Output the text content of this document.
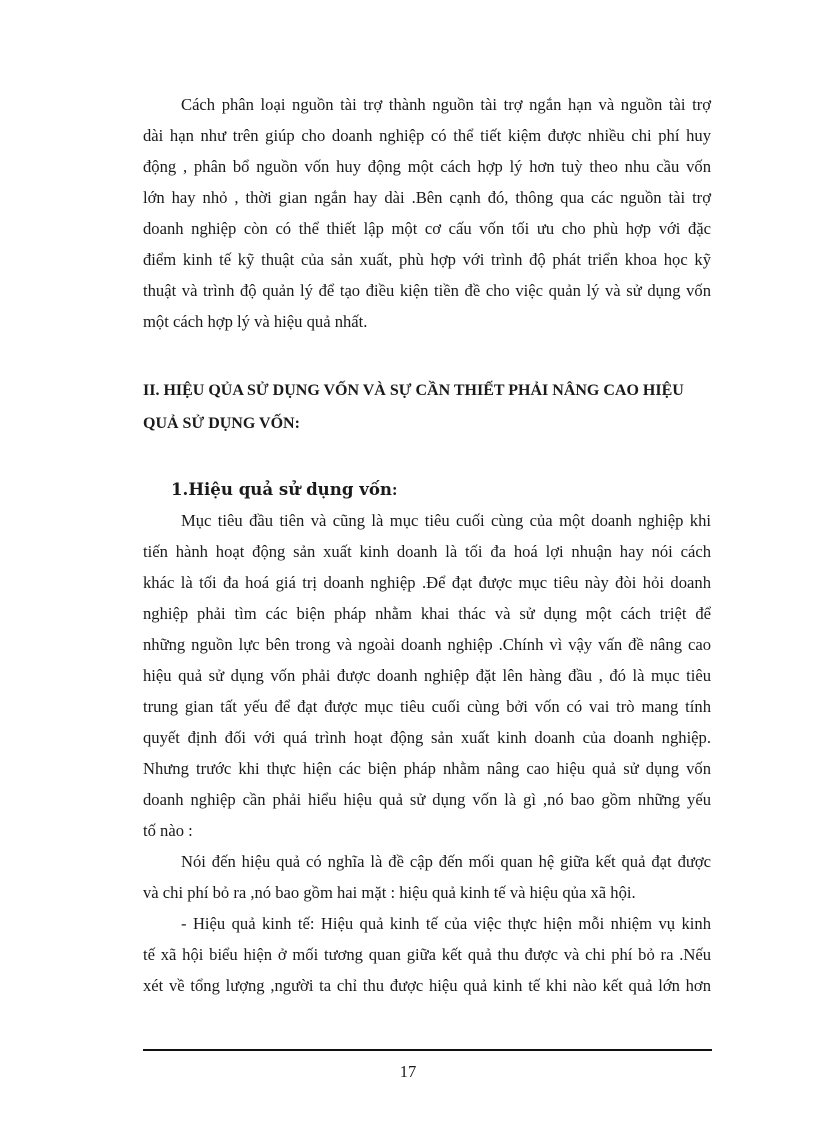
Cách phân loại nguồn tài trợ thành nguồn tài trợ ngắn hạn và nguồn tài trợ
dài hạn như trên giúp cho doanh nghiệp có thể tiết kiệm được nhiều chi phí huy
động , phân bổ nguồn vốn huy động một cách hợp lý hơn tuỳ theo nhu cầu vốn
lớn hay nhỏ , thời gian ngắn hay dài .Bên cạnh đó, thông qua các nguồn tài trợ
doanh nghiệp còn có thể thiết lập một cơ cấu vốn tối ưu cho phù hợp với đặc
điểm kinh tế kỹ thuật của sản xuất, phù hợp với trình độ phát triển khoa học kỹ
thuật và trình độ quản lý để tạo điều kiện tiền đề cho việc quản lý và sử dụng vốn
một cách hợp lý và hiệu quả nhất.
II. HIỆU QỦA SỬ DỤNG VỐN VÀ SỰ CẦN THIẾT PHẢI NÂNG CAO HIỆU
QUẢ SỬ DỤNG VỐN:
1.Hiệu quả sử dụng vốn:
Mục tiêu đầu tiên và cũng là mục tiêu cuối cùng của một doanh nghiệp khi
tiến hành hoạt động sản xuất kinh doanh là tối đa hoá lợi nhuận hay nói cách
khác là tối đa hoá giá trị doanh nghiệp .Để đạt được mục tiêu này đòi hỏi doanh
nghiệp phải tìm các biện pháp nhằm khai thác và sử dụng một cách triệt để
những nguồn lực bên trong và ngoài doanh nghiệp .Chính vì vậy vấn đề nâng cao
hiệu quả sử dụng vốn phải được doanh nghiệp đặt lên hàng đầu , đó là mục tiêu
trung gian tất yếu để đạt được mục tiêu cuối cùng bởi vốn có vai trò mang tính
quyết định đối với quá trình hoạt động sản xuất kinh doanh của doanh nghiệp.
Nhưng trước khi thực hiện các biện pháp nhằm nâng cao hiệu quả sử dụng vốn
doanh nghiệp cần phải hiểu hiệu quả sử dụng vốn là gì ,nó bao gồm những yếu
tố nào :
Nói đến hiệu quả có nghĩa là đề cập đến mối quan hệ giữa kết quả đạt được
và chi phí bỏ ra ,nó bao gồm hai mặt : hiệu quả kinh tế và hiệu qủa xã hội.
- Hiệu quả kinh tế: Hiệu quả kinh tế của việc thực hiện mỗi nhiệm vụ kinh
tế xã hội biểu hiện ở mối tương quan giữa kết quả thu được và chi phí bỏ ra .Nếu
xét về tổng lượng ,người ta chỉ thu được hiệu quả kinh tế khi nào kết quả lớn hơn
17
